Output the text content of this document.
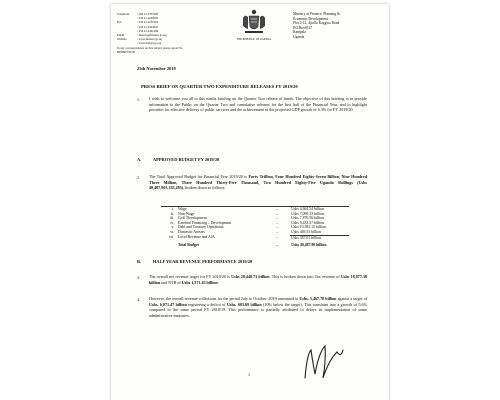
Telephone	: 256 41 4707000
: 256 41 4232095
Fax	: 256 41 4230163
: 256 41 4343023
: 256 41 4341286
Email	: finance@finance.go.ug
Website	: www.finance.go.ug
: www.budget.go.ug
In any correspondence on this subject please quote No. BPD86/150/30
THE REPUBLIC OF UGANDA
Ministry of Finance, Planning &
Economic Development
Plot 2-12, Apollo Kaggwa Road
P.O.Box8147
Kampala
Uganda
25th November 2019
PRESS BRIEF ON QUARTER TWO EXPENDITURE RELEASES FY 2019/20
1. I wish to welcome you all to this media briefing on the Quarter Two release of funds. The objective of this briefing is to provide information to the Public on the Quarter Two and cumulative releases for the first half of the Financial Year, and to highlight priorities for effective delivery of public services and the achievement of the projected GDP growth of 6.3% for FY 2019/20.
A.	APPROVED BUDGET FY 2019/20
2. The Total Approved Budget for Financial Year 2019/20 is Forty Trillion, Four Hundred Eighty-Seven Billion, Nine Hundred Three Million, Three Hundred Thirty-Five Thousand, Two Hundred Eighty-Five Uganda Shillings (Ushs 40,487,903,335,285), broken down as follows:
i.	Wage	–	Ushs 4,664.54 billion
ii.	Non-Wage	–	Ushs 7,099.33 billion
iii.	GoU Development	–	Ushs 7,870.56 billion
iv.	External Financing – Development	–	Ushs 9,433.57 billion
v.	Debt and Treasury Operations	–	Ushs 10,583.15 billion
vi.	Domestic Arrears	–	Ushs 449.53 billion
vii.	Local Revenue and AIA	–	Ushs 387.01 billion
	Total Budget	–	Ushs 40,487.90 billion
B.	HALF YEAR REVENUE PERFORMANCE 2019/20
3. The overall net revenue target for FY 2019/20 is Ushs 20,448.73 billion. This is broken down into Tax revenue of Ushs 18,877.30 billion and NTR of Ushs 1,571.43 billion.
4. However, the overall revenue collections for the period July to October, 2019 amounted to Ushs. 5,467.78 billion against a target of Ushs. 6,071.47 billion registering a deficit of Ushs. 603.69 billion (10% below the target). This translates into a growth of 5.6% compared to the same period FY 2018/19. This performance is partially attributed to delays in implementation of some administrative measures.
1
